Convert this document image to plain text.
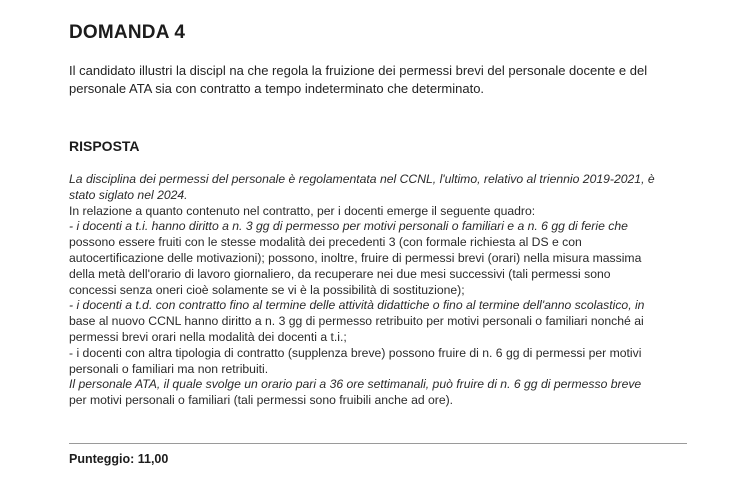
DOMANDA 4
Il candidato illustri la discipl na che regola la fruizione dei permessi brevi del personale docente e del
personale ATA sia con contratto a tempo indeterminato che determinato.
RISPOSTA
La disciplina dei permessi del personale è regolamentata nel CCNL, l'ultimo, relativo al triennio 2019-2021, è
stato siglato nel 2024.
In relazione a quanto contenuto nel contratto, per i docenti emerge il seguente quadro:
- i docenti a t.i. hanno diritto a n. 3 gg di permesso per motivi personali o familiari e a n. 6 gg di ferie che
possono essere fruiti con le stesse modalità dei precedenti 3 (con formale richiesta al DS e con
autocertificazione delle motivazioni); possono, inoltre, fruire di permessi brevi (orari) nella misura massima
della metà dell'orario di lavoro giornaliero, da recuperare nei due mesi successivi (tali permessi sono
concessi senza oneri cioè solamente se vi è la possibilità di sostituzione);
- i docenti a t.d. con contratto fino al termine delle attività didattiche o fino al termine dell'anno scolastico, in
base al nuovo CCNL hanno diritto a n. 3 gg di permesso retribuito per motivi personali o familiari nonché ai
permessi brevi orari nella modalità dei docenti a t.i.;
- i docenti con altra tipologia di contratto (supplenza breve) possono fruire di n. 6 gg di permessi per motivi
personali o familiari ma non retribuiti.
Il personale ATA, il quale svolge un orario pari a 36 ore settimanali, può fruire di n. 6 gg di permesso breve
per motivi personali o familiari (tali permessi sono fruibili anche ad ore).
Punteggio: 11,00
